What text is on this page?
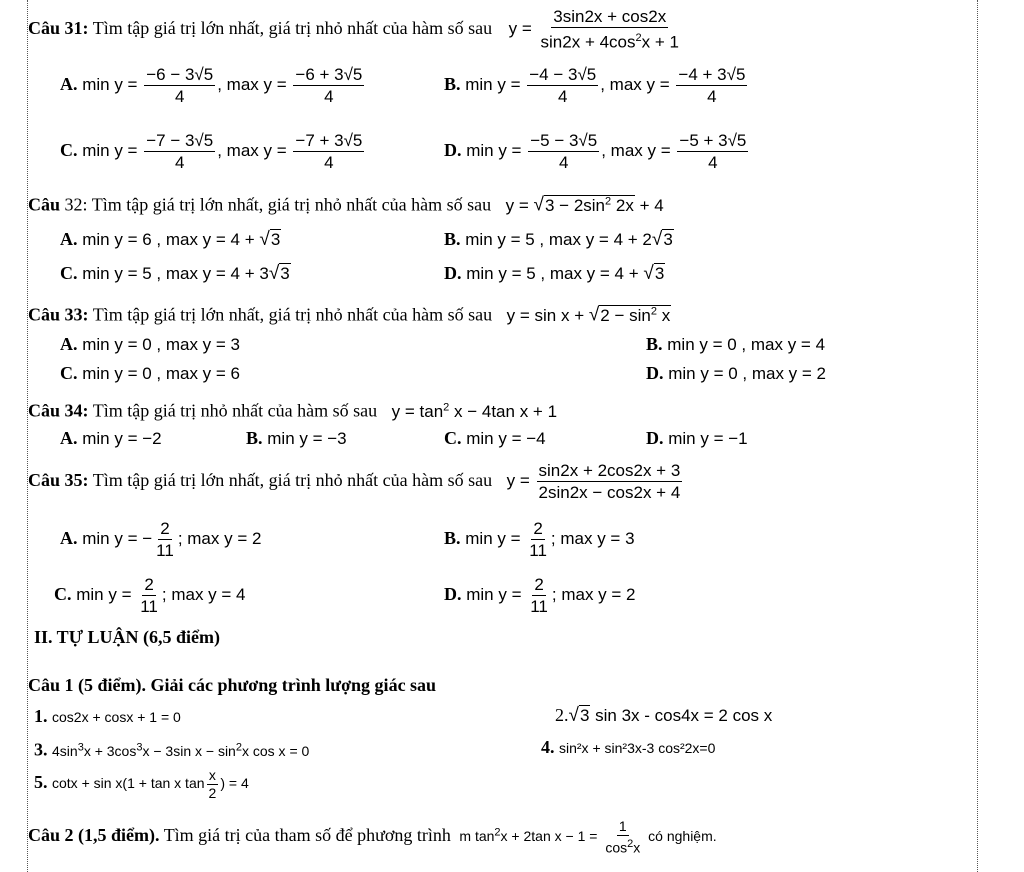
Câu 31: Tìm tập giá trị lớn nhất, giá trị nhỏ nhất của hàm số sau $y = \frac{3\sin 2x + \cos 2x}{\sin 2x + 4\cos^2x + 1}$
A. $\min y = \frac{-6 - 3√5}{4}$ , $\max y = \frac{-6 + 3√5}{4}$	B. $\min y = \frac{-4 - 3√5}{4}$ , $\max y = \frac{-4 + 3√5}{4}$
C. $\min y = \frac{-7 - 3√5}{4}$ , $\max y = \frac{-7 + 3√5}{4}$	D. $\min y = \frac{-5 - 3√5}{4}$ , $\max y = \frac{-5 + 3√5}{4}$
Câu 32: Tìm tập giá trị lớn nhất, giá trị nhỏ nhất của hàm số sau $y = √3 - 2\sin^2$ 2x + 4
A. min y = 6 , max y = 4 + √3	B. min y = 5 , max y = 4 + 2√3
C. min y = 5 , max y = 4 + 3√3	D. min y = 5 , max y = 4 + √3
Câu 33: Tìm tập giá trị lớn nhất, giá trị nhỏ nhất của hàm số sau $y = \sin x + √2 - \sin^2 x$
A. min y = 0 , max y = 3	B. min y = 0 , max y = 4
C. min y = 0 , max y = 6	D. min y = 0 , max y = 2
Câu 34: Tìm tập giá trị nhỏ nhất của hàm số sau $y = \tan^2 x - 4\tan$ x + 1
A. min y = −2	B. min y = −3	C. min y = −4	D. min y = −1
Câu 35: Tìm tập giá trị lớn nhất, giá trị nhỏ nhất của hàm số sau $y = \frac{\sin 2x + 2\cos 2x + 3}{2\sin 2x - \cos 2x + 4}$
A. min y = − $\frac{2}{11}$ ; max y = 2	B. $\min y = \frac{2}{11}$ ; max y = 3
C. $\min y = \frac{2}{11}$ ; max y = 4	D. $\min y = \frac{2}{11}$ ; max y = 2
II. TỰ LUẬN (6,5 điểm)
Câu 1 (5 điểm). Giải các phương trình lượng giác sau
1. cos2x + cosx + 1 = 0	2.√3 sin 3x - cos4x = 2 cos x
3. $4\sin^3x + 3\cos^3x - 3\sin$ $x - \sin^2x$ cos x = 0	4. sin²x + sin²3x-3 cos²2x=0
5. cotx + sin x(1 + tan x $\tan \frac{x}{2}$ ) = 4
Câu 2 (1,5 điểm). Tìm giá trị của tham số để phương trình m $\tan^2x + 2\tan$ $x - 1 = \frac{1}{\cos^2x}$ có nghiệm.
